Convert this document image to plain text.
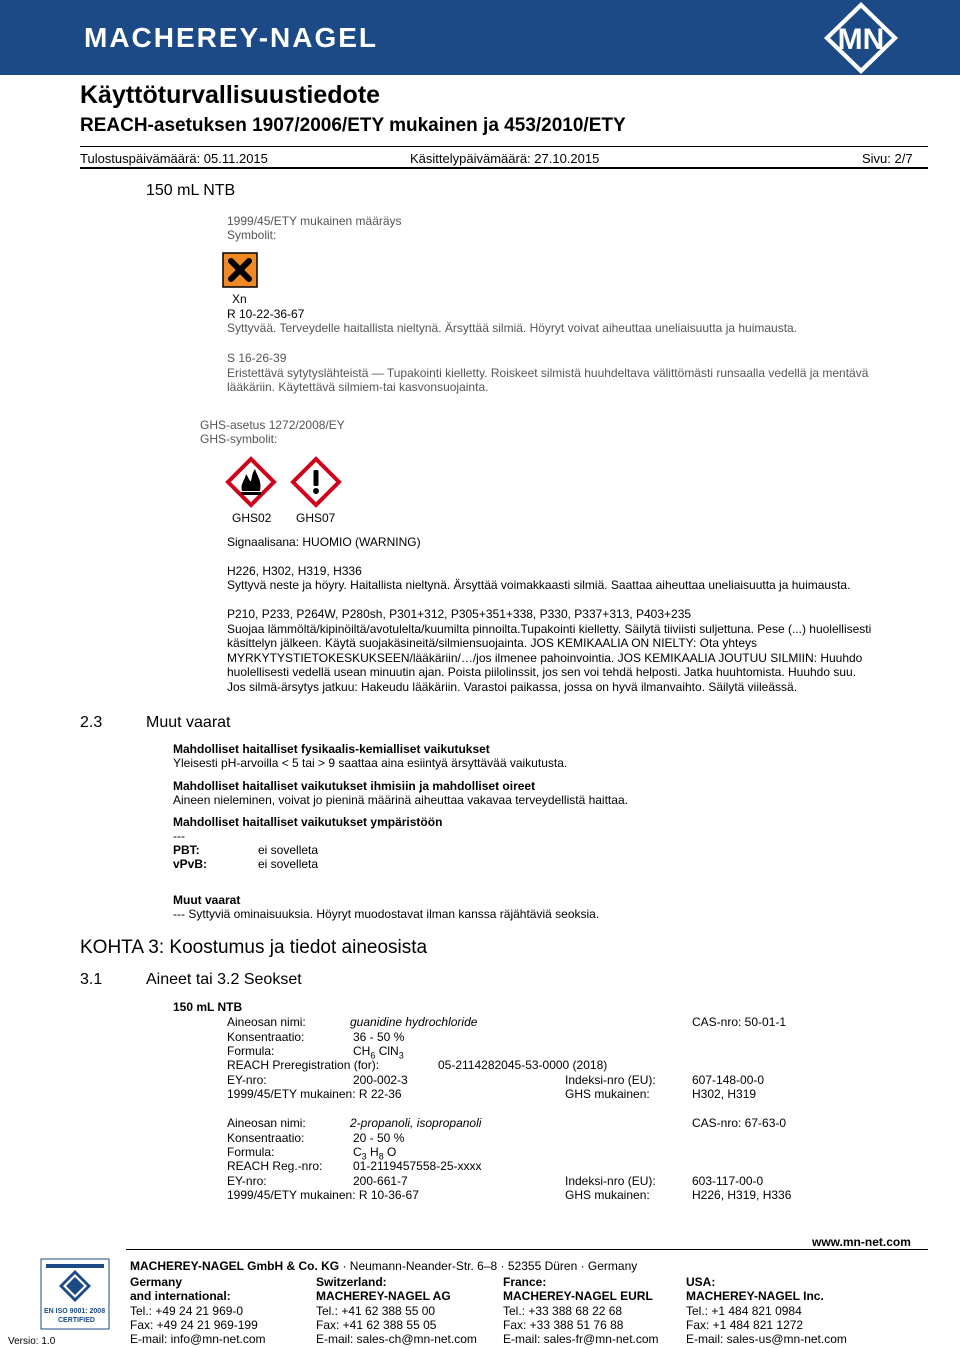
MACHEREY-NAGEL	MN
Käyttöturvallisuustiedote
REACH-asetuksen 1907/2006/ETY mukainen ja 453/2010/ETY
Tulostuspäivämäärä: 05.11.2015	Käsittelypäivämäärä: 27.10.2015	Sivu: 2/7
150 mL NTB
1999/45/ETY mukainen määräys
Symbolit:
Xn
R 10-22-36-67
Syttyvää. Terveydelle haitallista nieltynä. Ärsyttää silmiä. Höyryt voivat aiheuttaa uneliaisuutta ja huimausta.
S 16-26-39
Eristettävä sytytyslähteistä — Tupakointi kielletty. Roiskeet silmistä huuhdeltava välittömästi runsaalla vedellä ja mentävä
lääkäriin. Käytettävä silmiem-tai kasvonsuojainta.
GHS-asetus 1272/2008/EY
GHS-symbolit:
GHS02 GHS07
Signaalisana: HUOMIO (WARNING)
H226, H302, H319, H336
Syttyvä neste ja höyry. Haitallista nieltynä. Ärsyttää voimakkaasti silmiä. Saattaa aiheuttaa uneliaisuutta ja huimausta.
P210, P233, P264W, P280sh, P301+312, P305+351+338, P330, P337+313, P403+235
Suojaa lämmöltä/kipinöiltä/avotulelta/kuumilta pinnoilta.Tupakointi kielletty. Säilytä tiiviisti suljettuna. Pese (...) huolellisesti
käsittelyn jälkeen. Käytä suojakäsineitä/silmiensuojainta. JOS KEMIKAALIA ON NIELTY: Ota yhteys
MYRKYTYSTIETOKESKUKSEEN/lääkäriin/…/jos ilmenee pahoinvointia. JOS KEMIKAALIA JOUTUU SILMIIN: Huuhdo
huolellisesti vedellä usean minuutin ajan. Poista piilolinssit, jos sen voi tehdä helposti. Jatka huuhtomista. Huuhdo suu.
Jos silmä-ärsytys jatkuu: Hakeudu lääkäriin. Varastoi paikassa, jossa on hyvä ilmanvaihto. Säilytä viileässä.
2.3	Muut vaarat
Mahdolliset haitalliset fysikaalis-kemialliset vaikutukset
Yleisesti pH-arvoilla < 5 tai > 9 saattaa aina esiintyä ärsyttävää vaikutusta.
Mahdolliset haitalliset vaikutukset ihmisiin ja mahdolliset oireet
Aineen nieleminen, voivat jo pieninä määrinä aiheuttaa vakavaa terveydellistä haittaa.
Mahdolliset haitalliset vaikutukset ympäristöön
---
PBT:	ei sovelleta
vPvB:	ei sovelleta
Muut vaarat
--- Syttyviä ominaisuuksia. Höyryt muodostavat ilman kanssa räjähtäviä seoksia.
KOHTA 3: Koostumus ja tiedot aineosista
3.1	Aineet tai 3.2 Seokset
150 mL NTB
Aineosan nimi:	guanidine hydrochloride	CAS-nro: 50-01-1
Konsentraatio:	36 - 50 %
Formula:	$CH_6$ ClN$_3$
REACH Preregistration (for):	05-2114282045-53-0000 (2018)
EY-nro:	200-002-3	Indeksi-nro (EU):	607-148-00-0
1999/45/ETY mukainen: R 22-36	GHS mukainen:	H302, H319
Aineosan nimi:	2-propanoli, isopropanoli	CAS-nro: 67-63-0
Konsentraatio:	20 - 50 %
Formula:	$C_3$ $H_8$ O
REACH Reg.-nro:	01-2119457558-25-xxxx
EY-nro:	200-661-7	Indeksi-nro (EU):	603-117-00-0
1999/45/ETY mukainen: R 10-36-67	GHS mukainen:	H226, H319, H336
www.mn-net.com
MACHEREY-NAGEL GmbH & Co. KG · Neumann-Neander-Str. 6–8 · 52355 Düren · Germany
EN ISO 9001: 2008
CERTIFIED
Versio: 1.0
Germany
and international:
Tel.: +49 24 21 969-0
Fax: +49 24 21 969-199
E-mail: info@mn-net.com
Switzerland:
MACHEREY-NAGEL AG
Tel.: +41 62 388 55 00
Fax: +41 62 388 55 05
E-mail: sales-ch@mn-net.com
France:
MACHEREY-NAGEL EURL
Tel.: +33 388 68 22 68
Fax: +33 388 51 76 88
E-mail: sales-fr@mn-net.com
USA:
MACHEREY-NAGEL Inc.
Tel.: +1 484 821 0984
Fax: +1 484 821 1272
E-mail: sales-us@mn-net.com
